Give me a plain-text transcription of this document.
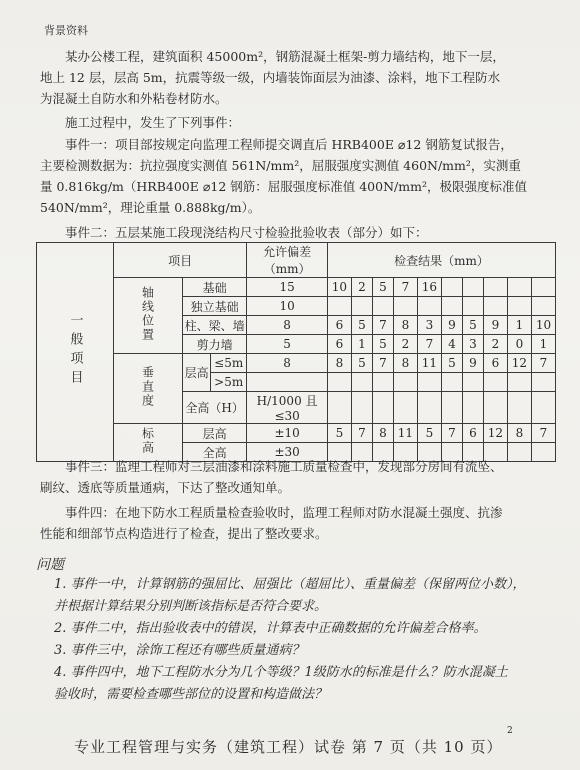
背景资料
某办公楼工程，建筑面积 45000m²，钢筋混凝土框架-剪力墙结构，地下一层，
地上 12 层，层高 5m，抗震等级一级，内墙装饰面层为油漆、涂料，地下工程防水
为混凝土自防水和外粘卷材防水。
施工过程中，发生了下列事件：
事件一：项目部按规定向监理工程师提交调直后 HRB400E ⌀12 钢筋复试报告，
主要检测数据为：抗拉强度实测值 561N/mm²，屈服强度实测值 460N/mm²，实测重
量 0.816kg/m（HRB400E ⌀12 钢筋：屈服强度标准值 400N/mm²，极限强度标准值
540N/mm²，理论重量 0.888kg/m）。
事件二：五层某施工段现浇结构尺寸检验批验收表（部分）如下：
一般项目	项目			允许偏差（mm）	检查结果（mm）									
	轴线位置	基础		15	10	2	5	7	16					
		独立基础		10										
		柱、梁、墙		8	6	5	7	8	3	9	5	9	1	10
		剪力墙		5	6	1	5	2	7	4	3	2	0	1
	垂直度	层高	≤5m	8	8	5	7	8	11	5	9	6	12	7
			>5m											
		全高（H）		H/1000 且≤30										
	标高	层高		±10	5	7	8	11	5	7	6	12	8	7
		全高		±30										
事件三：监理工程师对三层油漆和涂料施工质量检查中，发现部分房间有流坠、
刷纹、透底等质量通病，下达了整改通知单。
事件四：在地下防水工程质量检查验收时，监理工程师对防水混凝土强度、抗渗
性能和细部节点构造进行了检查，提出了整改要求。
问题
1. 事件一中，计算钢筋的强屈比、屈强比（超屈比）、重量偏差（保留两位小数），
并根据计算结果分别判断该指标是否符合要求。
2. 事件二中，指出验收表中的错误，计算表中正确数据的允许偏差合格率。
3. 事件三中，涂饰工程还有哪些质量通病？
4. 事件四中，地下工程防水分为几个等级？1级防水的标准是什么？防水混凝土
验收时，需要检查哪些部位的设置和构造做法？
2
专业工程管理与实务（建筑工程）试卷 第 7 页（共 10 页）
